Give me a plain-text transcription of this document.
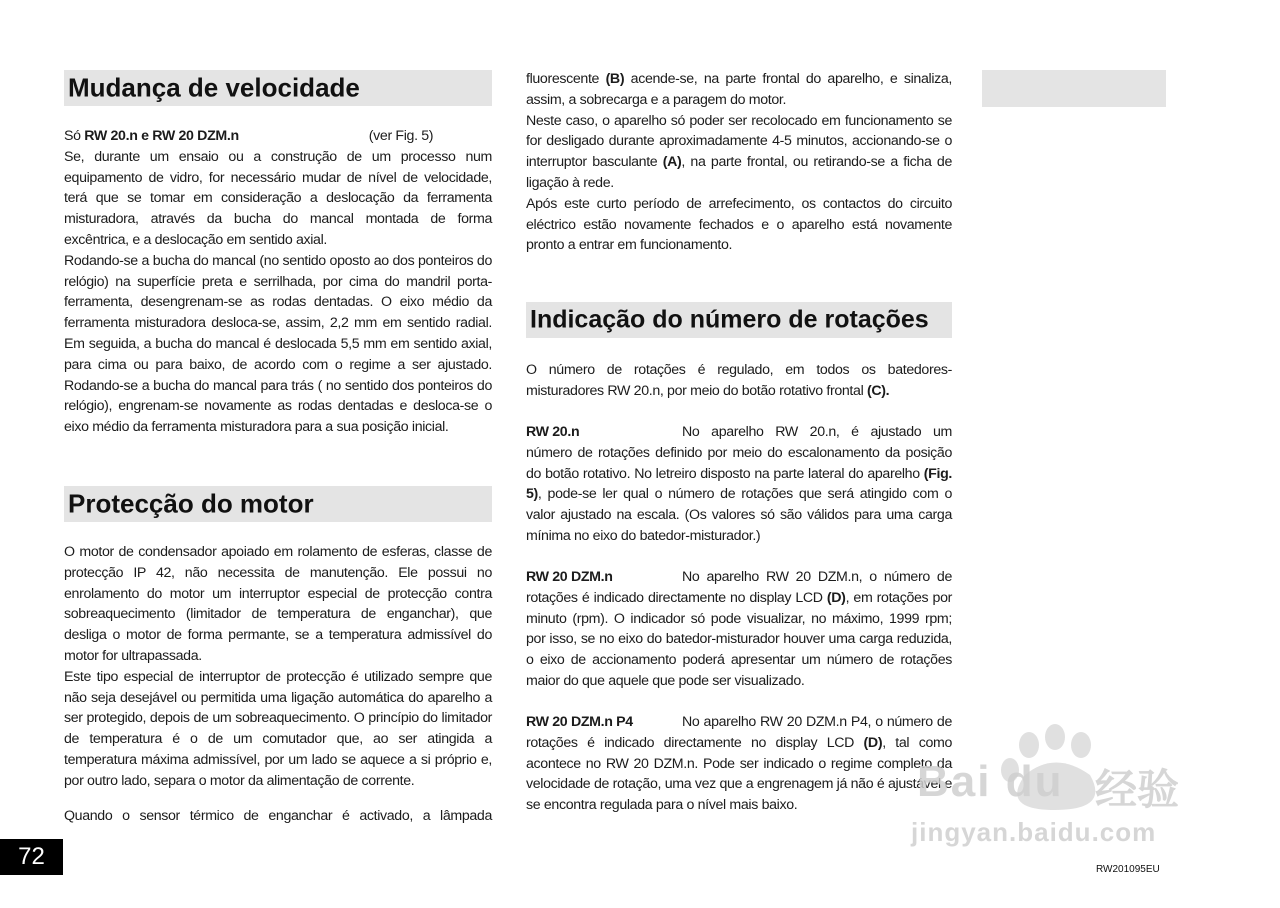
Mudança de velocidade

Só RW 20.n e RW 20 DZM.n	(ver Fig. 5)

Se, durante um ensaio ou a construção de um processo num equipamento de vidro, for necessário mudar de nível de velocidade, terá que se tomar em consideração a deslocação da ferramenta misturadora, através da bucha do mancal montada de forma excêntrica, e a deslocação em sentido axial.

Rodando-se a bucha do mancal (no sentido oposto ao dos ponteiros do relógio) na superfície preta e serrilhada, por cima do mandril porta-ferramenta, desengrenam-se as rodas dentadas. O eixo médio da ferramenta misturadora desloca-se, assim, 2,2 mm em sentido radial. Em seguida, a bucha do mancal é deslocada 5,5 mm em sentido axial, para cima ou para baixo, de acordo com o regime a ser ajustado. Rodando-se a bucha do mancal para trás ( no sentido dos ponteiros do relógio), engrenam-se novamente as rodas dentadas e desloca-se o eixo médio da ferramenta misturadora para a sua posição inicial.

Protecção do motor

O motor de condensador apoiado em rolamento de esferas, classe de protecção IP 42, não necessita de manutenção. Ele possui no enrolamento do motor um interruptor especial de protecção contra sobreaquecimento (limitador de temperatura de enganchar), que desliga o motor de forma permante, se a temperatura admissível do motor for ultrapassada.

Este tipo especial de interruptor de protecção é utilizado sempre que não seja desejável ou permitida uma ligação automática do aparelho a ser protegido, depois de um sobreaquecimento. O princípio do limitador de temperatura é o de um comutador que, ao ser atingida a temperatura máxima admissível, por um lado se aquece a si próprio e, por outro lado, separa o motor da alimentação de corrente.

Quando o sensor térmico de enganchar é activado, a lâmpada

fluorescente (B) acende-se, na parte frontal do aparelho, e sinaliza, assim, a sobrecarga e a paragem do motor.

Neste caso, o aparelho só poder ser recolocado em funcionamento se for desligado durante aproximadamente 4-5 minutos, accionando-se o interruptor basculante (A), na parte frontal, ou retirando-se a ficha de ligação à rede.

Após este curto período de arrefecimento, os contactos do circuito eléctrico estão novamente fechados e o aparelho está novamente pronto a entrar em funcionamento.

Indicação do número de rotações

O número de rotações é regulado, em todos os batedores-misturadores RW 20.n, por meio do botão rotativo frontal (C).

RW 20.n	No aparelho RW 20.n, é ajustado um número de rotações definido por meio do escalonamento da posição do botão rotativo. No letreiro disposto na parte lateral do aparelho (Fig. 5), pode-se ler qual o número de rotações que será atingido com o valor ajustado na escala. (Os valores só são válidos para uma carga mínima no eixo do batedor-misturador.)

RW 20 DZM.n	No aparelho RW 20 DZM.n, o número de rotações é indicado directamente no display LCD (D), em rotações por minuto (rpm). O indicador só pode visualizar, no máximo, 1999 rpm; por isso, se no eixo do batedor-misturador houver uma carga reduzida, o eixo de accionamento poderá apresentar um número de rotações maior do que aquele que pode ser visualizado.

RW 20 DZM.n P4	No aparelho RW 20 DZM.n P4, o número de rotações é indicado directamente no display LCD (D), tal como acontece no RW 20 DZM.n. Pode ser indicado o regime completo da velocidade de rotação, uma vez que a engrenagem já não é ajustável e se encontra regulada para o nível mais baixo.

72	RW201095EU
Bai du 经验
jingyan.baidu.com
